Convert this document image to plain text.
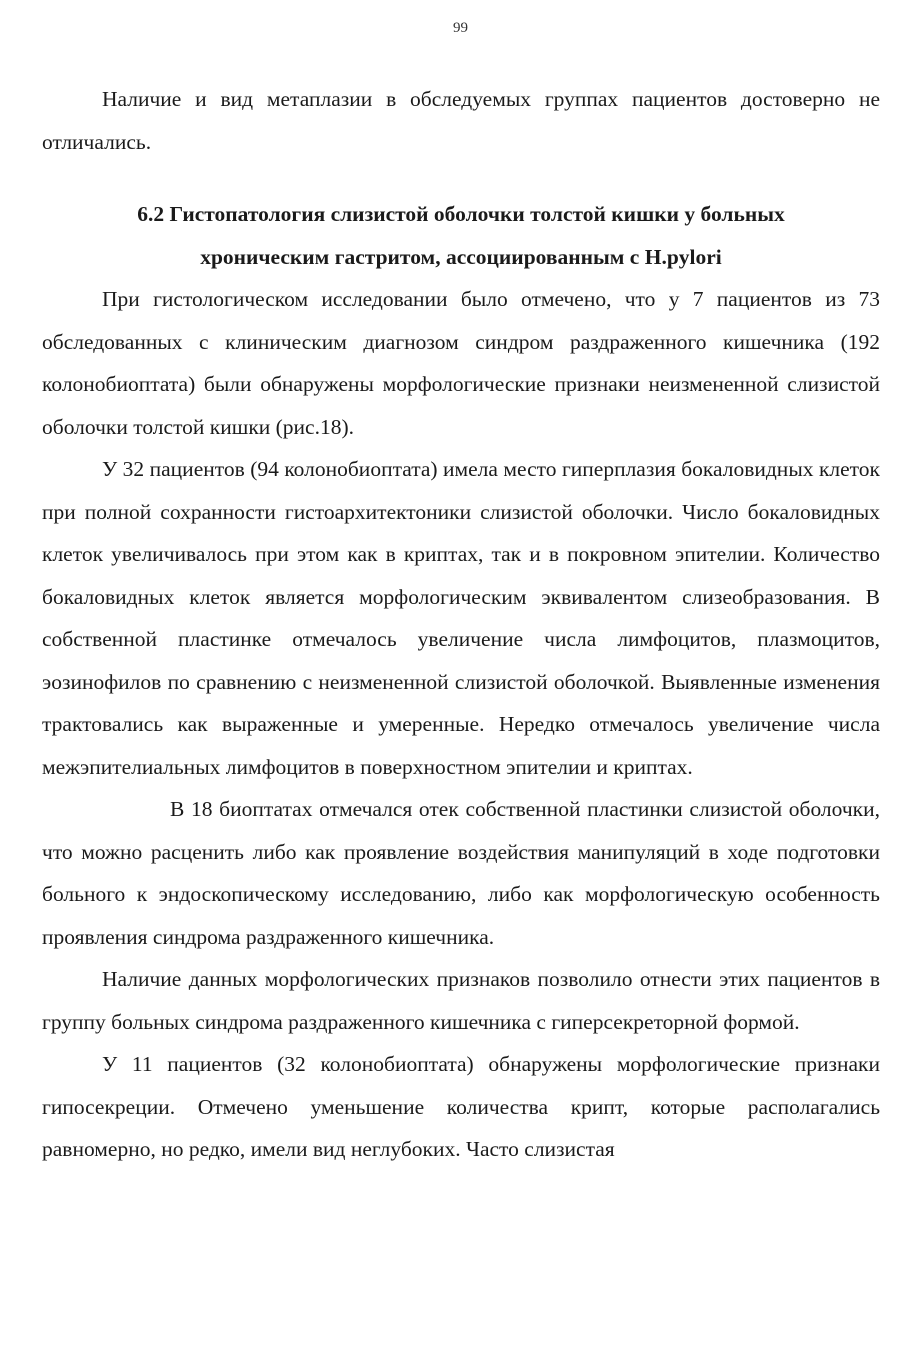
99

Наличие и вид метаплазии в обследуемых группах пациентов достоверно не отличались.

6.2 Гистопатология слизистой оболочки толстой кишки у больных
хроническим гастритом, ассоциированным с H.pylori

При гистологическом исследовании было отмечено, что у 7 пациентов из 73 обследованных с клиническим диагнозом синдром раздраженного кишечника (192 колонобиоптата) были обнаружены морфологические признаки неизмененной слизистой оболочки толстой кишки (рис.18).

У 32 пациентов (94 колонобиоптата) имела место гиперплазия бокаловидных клеток при полной сохранности гистоархитектоники слизистой оболочки. Число бокаловидных клеток увеличивалось при этом как в криптах, так и в покровном эпителии. Количество бокаловидных клеток является морфологическим эквивалентом слизеобразования. В собственной пластинке отмечалось увеличение числа лимфоцитов, плазмоцитов, эозинофилов по сравнению с неизмененной слизистой оболочкой. Выявленные изменения трактовались как выраженные и умеренные. Нередко отмечалось увеличение числа межэпителиальных лимфоцитов в поверхностном эпителии и криптах.

В 18 биоптатах отмечался отек собственной пластинки слизистой оболочки, что можно расценить либо как проявление воздействия манипуляций в ходе подготовки больного к эндоскопическому исследованию, либо как морфологическую особенность проявления синдрома раздраженного кишечника.

Наличие данных морфологических признаков позволило отнести этих пациентов в группу больных синдрома раздраженного кишечника с гиперсекреторной формой.

У 11 пациентов (32 колонобиоптата) обнаружены морфологические признаки гипосекреции. Отмечено уменьшение количества крипт, которые располагались равномерно, но редко, имели вид неглубоких. Часто слизистая
